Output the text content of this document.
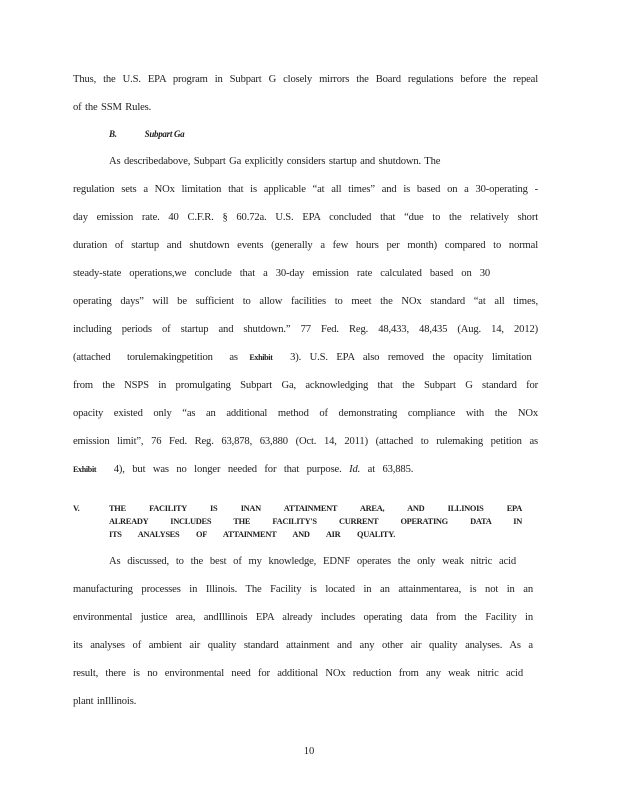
Thus, the U.S. EPA program in Subpart G closely mirrors the Board regulations before the repeal
of the SSM Rules.
B.	Subpart Ga
As describedabove, Subpart Ga explicitly considers startup and shutdown. The
regulation sets a NOx limitation that is applicable “at all times” and is based on a 30-operating -
day emission rate. 40 C.F.R. § 60.72a. U.S. EPA concluded that “due to the relatively short
duration of startup and shutdown events (generally a few hours per month) compared to normal
steady-state operations,we conclude that a 30-day emission rate calculated based on 30
operating days” will be sufficient to allow facilities to meet the NOx standard “at all times,
including periods of startup and shutdown.” 77 Fed. Reg. 48,433, 48,435 (Aug. 14, 2012)
(attached torulemakingpetition as Exhibit 3). U.S. EPA also removed the opacity limitation
from the NSPS in promulgating Subpart Ga, acknowledging that the Subpart G standard for
opacity existed only “as an additional method of demonstrating compliance with the NOx
emission limit”, 76 Fed. Reg. 63,878, 63,880 (Oct. 14, 2011) (attached to rulemaking petition as
Exhibit 4), but was no longer needed for that purpose. Id. at 63,885.
V.	THE FACILITY IS INAN ATTAINMENT AREA, AND ILLINOIS EPA
ALREADY INCLUDES THE FACILITY'S CURRENT OPERATING DATA IN
ITS ANALYSES OF ATTAINMENT AND AIR QUALITY.
As discussed, to the best of my knowledge, EDNF operates the only weak nitric acid
manufacturing processes in Illinois. The Facility is located in an attainmentarea, is not in an
environmental justice area, andIllinois EPA already includes operating data from the Facility in
its analyses of ambient air quality standard attainment and any other air quality analyses. As a
result, there is no environmental need for additional NOx reduction from any weak nitric acid
plant inIllinois.
10
